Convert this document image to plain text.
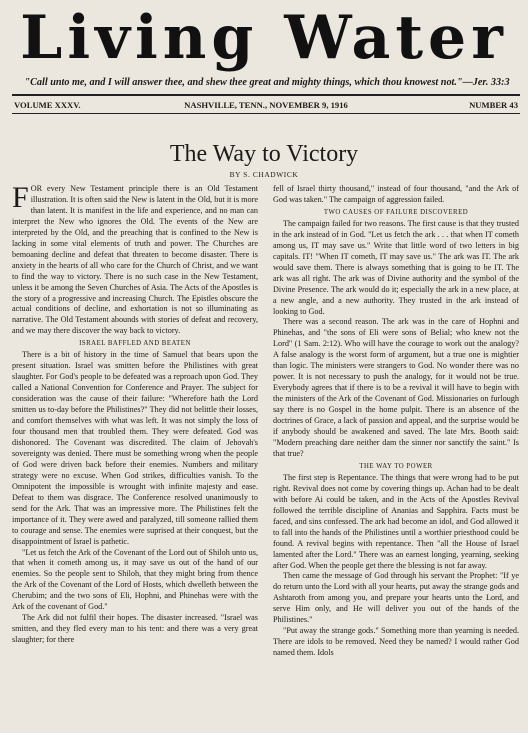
Living Water
"Call unto me, and I will answer thee, and shew thee great and mighty things, which thou knowest not."—Jer. 33:3
NASHVILLE, TENN., NOVEMBER 9, 1916
VOLUME XXXV.	NUMBER 43
The Way to Victory
BY S. CHADWICK

FOR every New Testament principle there is an Old Testament illustration. It is often said the New is latent in the Old, but it is more than latent. It is manifest in the life and experience, and no man can interpret the New who ignores the Old. The events of the New are interpreted by the Old, and the preaching that is confined to the New is lacking in some vital elements of truth and power. The Churches are bemoaning decline and defeat that threaten to become disaster. There is anxiety in the hearts of all who care for the Church of Christ, and we want to find the way to victory. There is no such case in the New Testament, unless it be among the Seven Churches of Asia. The Acts of the Apostles is the story of a progressive and increasing Church. The Epistles obscure the actual conditions of decline, and exhortation is not so illuminating as narrative. The Old Testament abounds with stories of defeat and recovery, and we may there discover the way back to victory.

ISRAEL BAFFLED AND BEATEN

There is a bit of history in the time of Samuel that bears upon the present situation. Israel was smitten before the Philistines with great slaughter. For God's people to be defeated was a reproach upon God. They called a National Convention for Conference and Prayer. The subject for consideration was the cause of their failure: "Wherefore hath the Lord smitten us to-day before the Philistines?" They did not belittle their losses, and comfort themselves with what was left. It was not simply the loss of four thousand men that troubled them. They were defeated. God was dishonored. The Covenant was discredited. The claim of Jehovah's sovereignty was denied. There must be something wrong when the people of God were driven back before their enemies. Numbers and military strategy were no excuse. When God strikes, difficulties vanish. To the Omnipotent the impossible is wrought with infinite majesty and ease. Defeat to them was disgrace. The Conference resolved unanimously to send for the Ark. That was an impressive more. The Philistines felt the importance of it. They were awed and paralyzed, till someone rallied them to courage and sense. The enemies were suprised at their conquest, but the disappointment of Israel is pathetic.

"Let us fetch the Ark of the Covenant of the Lord out of Shiloh unto us, that when it cometh among us, it may save us out of the hand of our enemies. So the people sent to Shiloh, that they might bring from thence the Ark of the Covenant of the Lord of Hosts, which dwelleth between the Cherubim; and the two sons of Eli, Hophni, and Phinehas were with the Ark of the covenant of God."

The Ark did not fulfil their hopes. The disaster increased. "Israel was smitten, and they fled every man to his tent: and there was a very great slaughter; for there

fell of Israel thirty thousand," instead of four thousand, "and the Ark of God was taken." The campaign of aggression failed.

TWO CAUSES OF FAILURE DISCOVERED

The campaign failed for two reasons. The first cause is that they trusted in the ark instead of in God. "Let us fetch the ark . . . that when IT cometh among us, IT may save us." Write that little word of two letters in big capitals. IT! "When IT cometh, IT may save us." The ark was IT. The ark would save them. There is always something that is going to be IT. The ark was all right. The ark was of Divine authority and the symbol of the Divine Presence. The ark would do it; especially the ark in a new place, at a new angle, and a new authority. They trusted in the ark instead of looking to God.

There was a second reason. The ark was in the care of Hophni and Phinehas, and "the sons of Eli were sons of Belial; who knew not the Lord" (1 Sam. 2:12). Who will have the courage to work out the analogy? A false analogy is the worst form of argument, but a true one is mightier than logic. The ministers were strangers to God. No wonder there was no power. It is not necessary to push the analogy, for it would not be true. Everybody agrees that if there is to be a revival it will have to begin with the ministers of the Ark of the Covenant of God. Missionaries on furlough say there is no Gospel in the home pulpit. There is an absence of the doctrines of Grace, a lack of passion and appeal, and the surprise would be if anybody should be awakened and saved. The late Mrs. Booth said: "Modern preaching dare neither dam the sinner nor sanctify the saint." Is that true?

THE WAY TO POWER

The first step is Repentance. The things that were wrong had to be put right. Revival does not come by covering things up. Achan had to be dealt with before Ai could be taken, and in the Acts of the Apostles Revival followed the terrible discipline of Ananias and Sapphira. Facts must be faced, and sins confessed. The ark had become an idol, and God allowed it to fall into the hands of the Philistines until a worthier priesthood could be found. A revival begins with repentance. Then "all the House of Israel lamented after the Lord." There was an earnest longing, yearning, seeking after God. When the people get there the blessing is not far away.

Then came the message of God through his servant the Prophet: "If ye do return unto the Lord with all your hearts, put away the strange gods and Ashtaroth from among you, and prepare your hearts unto the Lord, and serve Him only, and He will deliver you out of the hands of the Philistines."

"Put away the strange gods." Something more than yearning is needed. There are idols to be removed. Need they be named? I would rather God named them. Idols
